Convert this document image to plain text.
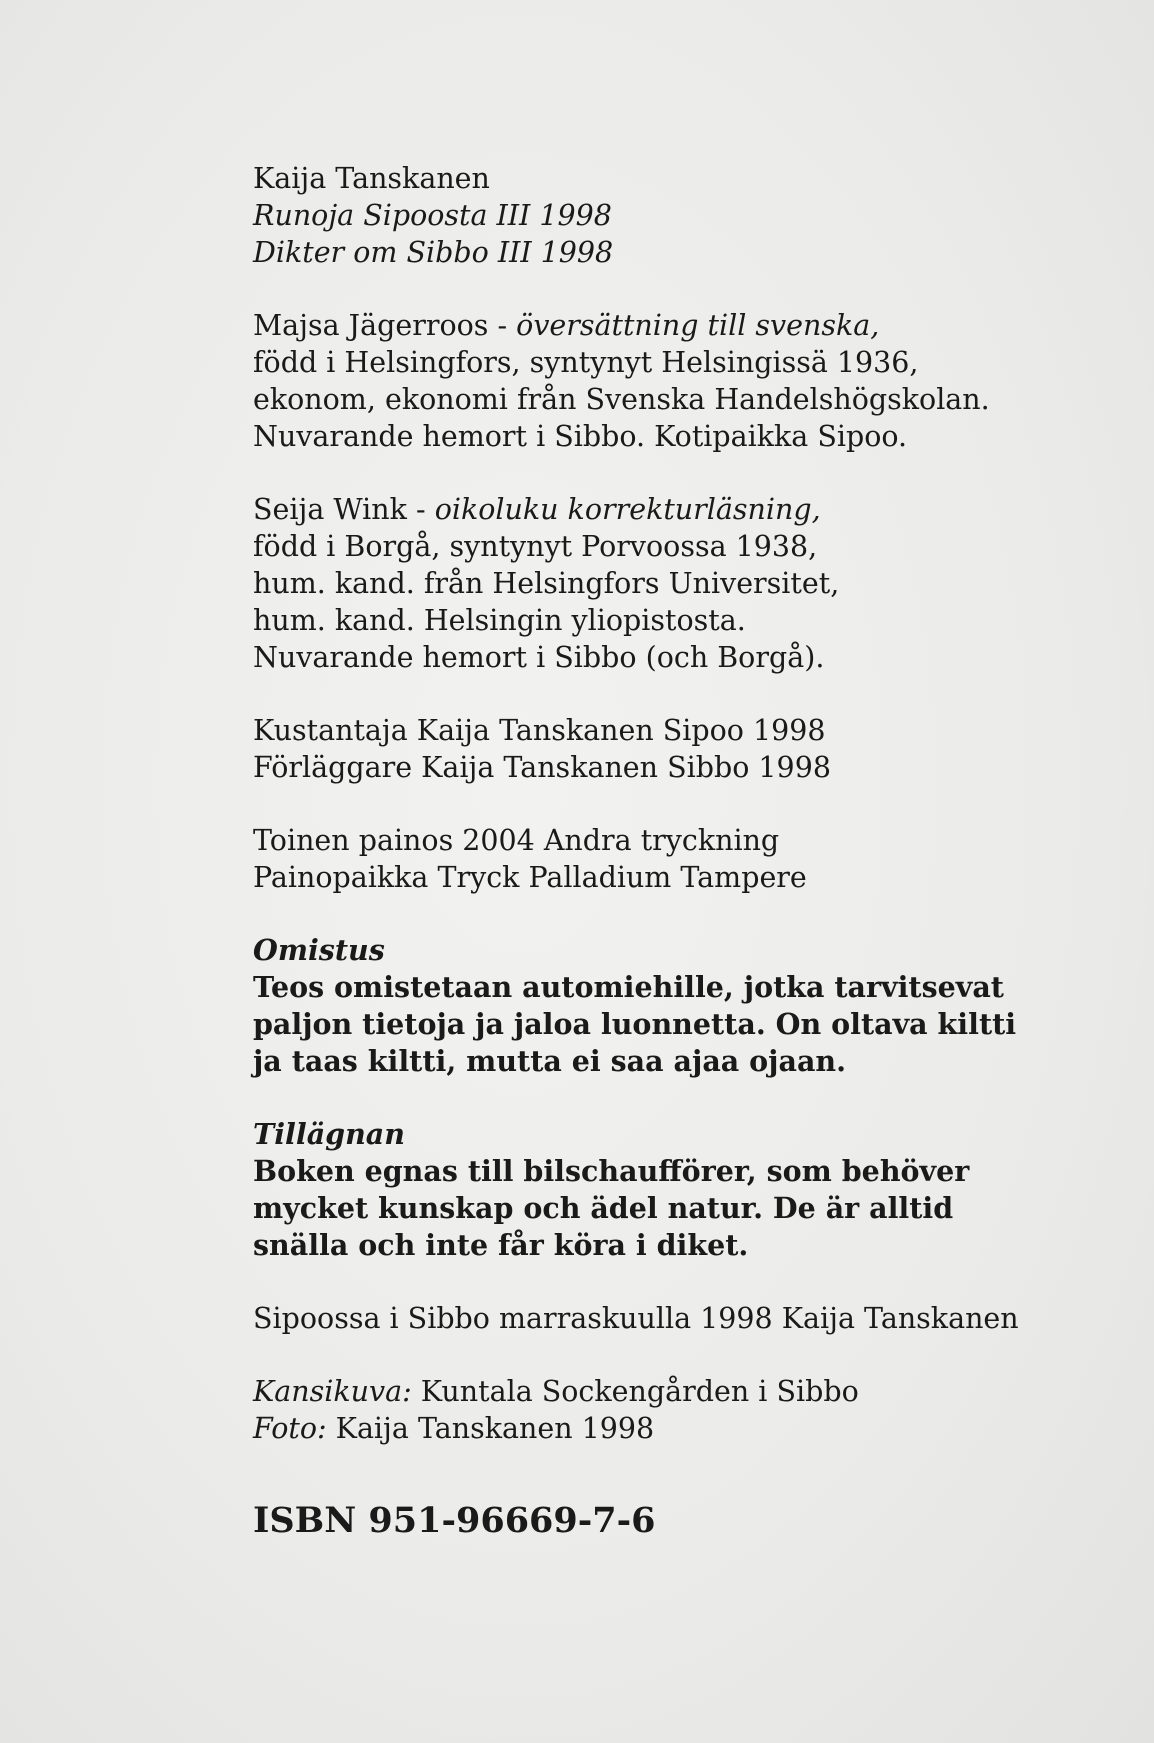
Kaija Tanskanen
Runoja Sipoosta III 1998
Dikter om Sibbo III 1998
Majsa Jägerroos - översättning till svenska,
född i Helsingfors, syntynyt Helsingissä 1936,
ekonom, ekonomi från Svenska Handelshögskolan.
Nuvarande hemort i Sibbo. Kotipaikka Sipoo.
Seija Wink - oikoluku korrekturläsning,
född i Borgå, syntynyt Porvoossa 1938,
hum. kand. från Helsingfors Universitet,
hum. kand. Helsingin yliopistosta.
Nuvarande hemort i Sibbo (och Borgå).
Kustantaja Kaija Tanskanen Sipoo 1998
Förläggare Kaija Tanskanen Sibbo 1998
Toinen painos 2004 Andra tryckning
Painopaikka Tryck Palladium Tampere
Omistus
Teos omistetaan automiehille, jotka tarvitsevat
paljon tietoja ja jaloa luonnetta. On oltava kiltti
ja taas kiltti, mutta ei saa ajaa ojaan.
Tillägnan
Boken egnas till bilschaufförer, som behöver
mycket kunskap och ädel natur. De är alltid
snälla och inte får köra i diket.
Sipoossa i Sibbo marraskuulla 1998 Kaija Tanskanen
Kansikuva: Kuntala Sockengården i Sibbo
Foto: Kaija Tanskanen 1998
ISBN 951-96669-7-6
